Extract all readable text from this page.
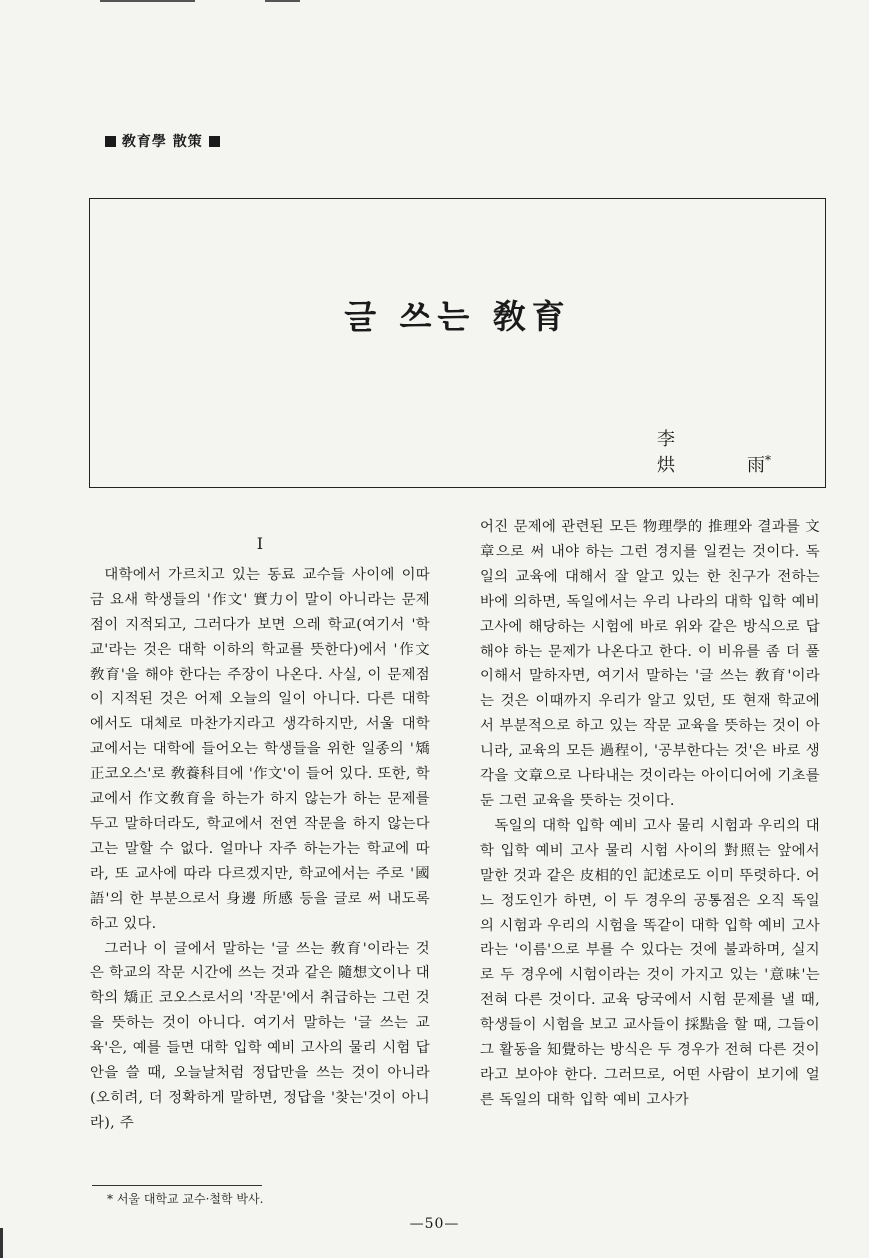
敎育學 散策
글 쓰는 敎育
李烘	雨*
I

대학에서 가르치고 있는 동료 교수들 사이에 이따금 요새 학생들의 '作文' 實力이 말이 아니라는 문제점이 지적되고, 그러다가 보면 으레 학교(여기서 '학교'라는 것은 대학 이하의 학교를 뜻한다)에서 '作文敎育'을 해야 한다는 주장이 나온다. 사실, 이 문제점이 지적된 것은 어제 오늘의 일이 아니다. 다른 대학에서도 대체로 마찬가지라고 생각하지만, 서울 대학교에서는 대학에 들어오는 학생들을 위한 일종의 '矯正코오스'로 敎養科目에 '作文'이 들어 있다. 또한, 학교에서 作文敎育을 하는가 하지 않는가 하는 문제를 두고 말하더라도, 학교에서 전연 작문을 하지 않는다고는 말할 수 없다. 얼마나 자주 하는가는 학교에 따라, 또 교사에 따라 다르겠지만, 학교에서는 주로 '國語'의 한 부분으로서 身邊 所感 등을 글로 써 내도록 하고 있다.

그러나 이 글에서 말하는 '글 쓰는 敎育'이라는 것은 학교의 작문 시간에 쓰는 것과 같은 隨想文이나 대학의 矯正 코오스로서의 '작문'에서 취급하는 그런 것을 뜻하는 것이 아니다. 여기서 말하는 '글 쓰는 교육'은, 예를 들면 대학 입학 예비 고사의 물리 시험 답안을 쓸 때, 오늘날처럼 정답만을 쓰는 것이 아니라(오히려, 더 정확하게 말하면, 정답을 '찾는'것이 아니라), 주

어진 문제에 관련된 모든 物理學的 推理와 결과를 文章으로 써 내야 하는 그런 경지를 일컫는 것이다. 독일의 교육에 대해서 잘 알고 있는 한 친구가 전하는 바에 의하면, 독일에서는 우리 나라의 대학 입학 예비 고사에 해당하는 시험에 바로 위와 같은 방식으로 답해야 하는 문제가 나온다고 한다. 이 비유를 좀 더 풀이해서 말하자면, 여기서 말하는 '글 쓰는 敎育'이라는 것은 이때까지 우리가 알고 있던, 또 현재 학교에서 부분적으로 하고 있는 작문 교육을 뜻하는 것이 아니라, 교육의 모든 過程이, '공부한다는 것'은 바로 생각을 文章으로 나타내는 것이라는 아이디어에 기초를 둔 그런 교육을 뜻하는 것이다.

독일의 대학 입학 예비 고사 물리 시험과 우리의 대학 입학 예비 고사 물리 시험 사이의 對照는 앞에서 말한 것과 같은 皮相的인 記述로도 이미 뚜렷하다. 어느 정도인가 하면, 이 두 경우의 공통점은 오직 독일의 시험과 우리의 시험을 똑같이 대학 입학 예비 고사라는 '이름'으로 부를 수 있다는 것에 불과하며, 실지로 두 경우에 시험이라는 것이 가지고 있는 '意味'는 전혀 다른 것이다. 교육 당국에서 시험 문제를 낼 때, 학생들이 시험을 보고 교사들이 採點을 할 때, 그들이 그 활동을 知覺하는 방식은 두 경우가 전혀 다른 것이라고 보아야 한다. 그러므로, 어떤 사람이 보기에 얼른 독일의 대학 입학 예비 고사가

* 서울 대학교 교수·철학 박사.
—50—
